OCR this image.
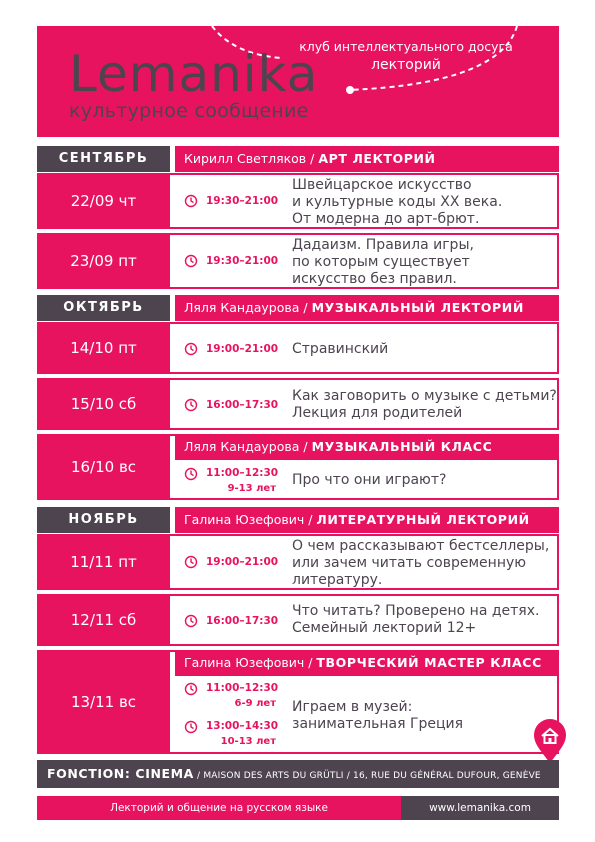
Lemanika
культурное сообщение
клуб интеллектуального досуга
лекторий
СЕНТЯБРЬ	Кирилл Светляков / АРТ ЛЕКТОРИЙ
22/09 чт	19:30–21:00
Швейцарское искусство
и культурные коды XX века.
От модерна до арт-брют.
23/09 пт	19:30–21:00
Дадаизм. Правила игры,
по которым существует
искусство без правил.
ОКТЯБРЬ	Ляля Кандаурова / МУЗЫКАЛЬНЫЙ ЛЕКТОРИЙ
14/10 пт	19:00–21:00 Стравинский
15/10 сб	16:00–17:30
Как заговорить о музыке с детьми?
Лекция для родителей
16/10 вс
Ляля Кандаурова / МУЗЫКАЛЬНЫЙ КЛАСС
11:00–12:30
9-13 лет
Про что они играют?
НОЯБРЬ	Галина Юзефович / ЛИТЕРАТУРНЫЙ ЛЕКТОРИЙ
11/11 пт	19:00–21:00
О чем рассказывают бестселлеры,
или зачем читать современную
литературу.
12/11 сб	16:00–17:30
Что читать? Проверено на детях.
Семейный лекторий 12+
13/11 вс
Галина Юзефович / ТВОРЧЕСКИЙ МАСТЕР КЛАСС
11:00–12:30
6-9 лет
13:00–14:30
10-13 лет
Играем в музей:
занимательная Греция
FONCTION: CINEMA / MAISON DES ARTS DU GRÜTLI / 16, RUE DU GÉNÉRAL DUFOUR, GENÈVE
Лекторий и общение на русском языке	www.lemanika.com
